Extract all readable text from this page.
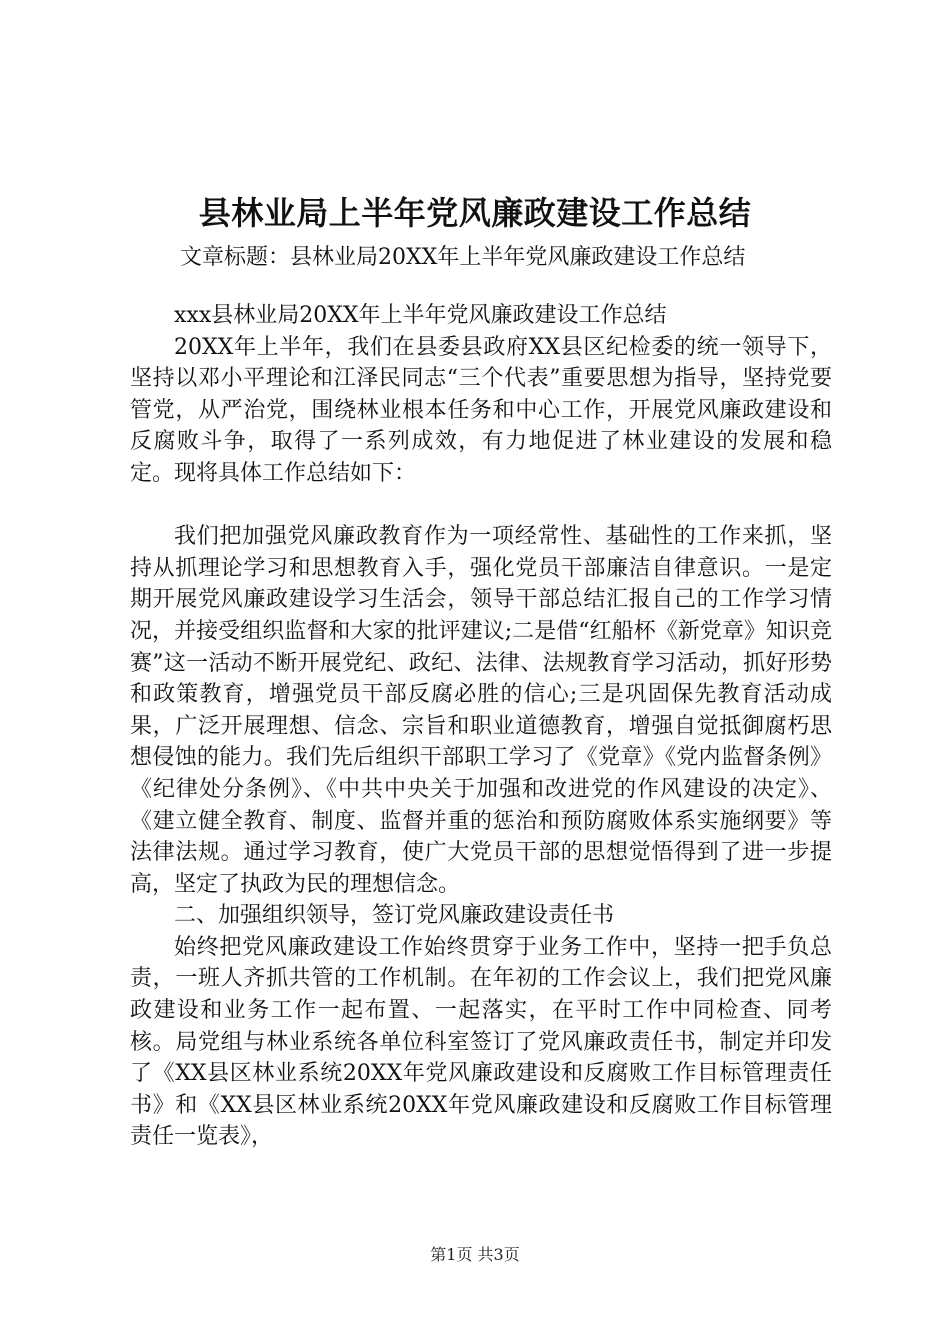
县林业局上半年党风廉政建设工作总结

文章标题：县林业局20XX年上半年党风廉政建设工作总结

xxx县林业局20XX年上半年党风廉政建设工作总结

20XX年上半年，我们在县委县政府XX县区纪检委的统一领导下，坚持以邓小平理论和江泽民同志“三个代表”重要思想为指导，坚持党要管党，从严治党，围绕林业根本任务和中心工作，开展党风廉政建设和反腐败斗争，取得了一系列成效，有力地促进了林业建设的发展和稳定。现将具体工作总结如下：

我们把加强党风廉政教育作为一项经常性、基础性的工作来抓，坚持从抓理论学习和思想教育入手，强化党员干部廉洁自律意识。一是定期开展党风廉政建设学习生活会，领导干部总结汇报自己的工作学习情况，并接受组织监督和大家的批评建议;二是借“红船杯《新党章》知识竞赛”这一活动不断开展党纪、政纪、法律、法规教育学习活动，抓好形势和政策教育，增强党员干部反腐必胜的信心;三是巩固保先教育活动成果，广泛开展理想、信念、宗旨和职业道德教育，增强自觉抵御腐朽思想侵蚀的能力。我们先后组织干部职工学习了《党章》《党内监督条例》《纪律处分条例》、《中共中央关于加强和改进党的作风建设的决定》、《建立健全教育、制度、监督并重的惩治和预防腐败体系实施纲要》等法律法规。通过学习教育，使广大党员干部的思想觉悟得到了进一步提高，坚定了执政为民的理想信念。

二、加强组织领导，签订党风廉政建设责任书

始终把党风廉政建设工作始终贯穿于业务工作中，坚持一把手负总责，一班人齐抓共管的工作机制。在年初的工作会议上，我们把党风廉政建设和业务工作一起布置、一起落实，在平时工作中同检查、同考核。局党组与林业系统各单位科室签订了党风廉政责任书，制定并印发了《XX县区林业系统20XX年党风廉政建设和反腐败工作目标管理责任书》和《XX县区林业系统20XX年党风廉政建设和反腐败工作目标管理责任一览表》，

第1页 共3页
